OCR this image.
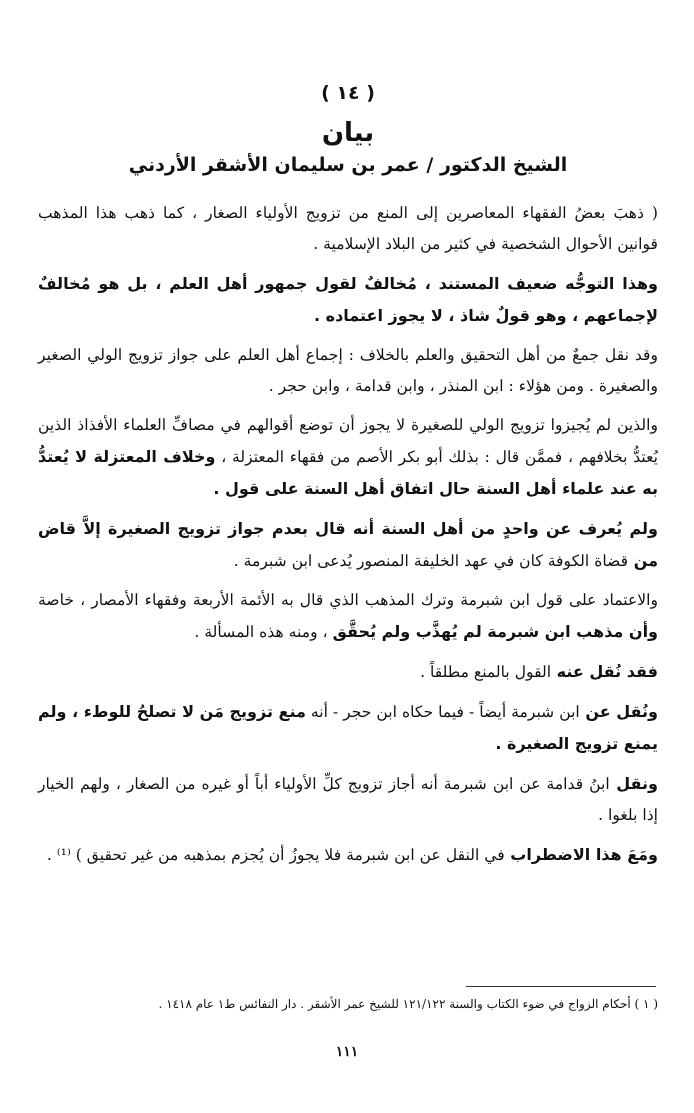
( ١٤ )
بيان
الشيخ الدكتور / عمر بن سليمان الأشقر الأردني

( ذهبَ بعضُ الفقهاء المعاصرين إلى المنع من تزويج الأولياء الصغار ، كما ذهب هذا المذهب قوانين الأحوال الشخصية في كثير من البلاد الإسلامية .

وهذا التوجُّه ضعيف المستند ، مُخالفٌ لقول جمهور أهل العلم ، بل هو مُخالفٌ لإجماعهم ، وهو قولٌ شاذ ، لا يجوز اعتماده .

وقد نقل جمعٌ من أهل التحقيق والعلم بالخلاف : إجماع أهل العلم على جواز تزويج الولي الصغير والصغيرة . ومن هؤلاء : ابن المنذر ، وابن قدامة ، وابن حجر .

والذين لم يُجيزوا تزويج الولي للصغيرة لا يجوز أن توضع أقوالهم في مصافِّ العلماء الأفذاذ الذين يُعتدُّ بخلافهم ، فممَّن قال : بذلك أبو بكر الأصم من فقهاء المعتزلة ، وخلاف المعتزلة لا يُعتدُّ به عند علماء أهل السنة حال اتفاق أهل السنة على قول .

ولم يُعرف عن واحدٍ من أهل السنة أنه قال بعدم جواز تزويج الصغيرة إلاَّ قاض من قضاة الكوفة كان في عهد الخليفة المنصور يُدعى ابن شبرمة .

والاعتماد على قول ابن شبرمة وترك المذهب الذي قال به الأئمة الأربعة وفقهاء الأمصار ، خاصة وأن مذهب ابن شبرمة لم يُهذَّب ولم يُحقَّق ، ومنه هذه المسألة .

فقد نُقل عنه القول بالمنع مطلقاً .

ونُقل عن ابن شبرمة أيضاً - فيما حكاه ابن حجر - أنه منع تزويج مَن لا تصلحُ للوطء ، ولم يمنع تزويج الصغيرة .

ونقل ابنُ قدامة عن ابن شبرمة أنه أجاز تزويج كلِّ الأولياء أباً أو غيره من الصغار ، ولهم الخيار إذا بلغوا .

ومَعَ هذا الاضطراب في النقل عن ابن شبرمة فلا يجوزُ أن يُجزم بمذهبه من غير تحقيق ) ⁽¹⁾ .

( ١ ) أحكام الزواج في ضوء الكتاب والسنة ١٢١/١٢٢ للشيخ عمر الأشقر . دار النفائس ط١ عام ١٤١٨ .
١١١
